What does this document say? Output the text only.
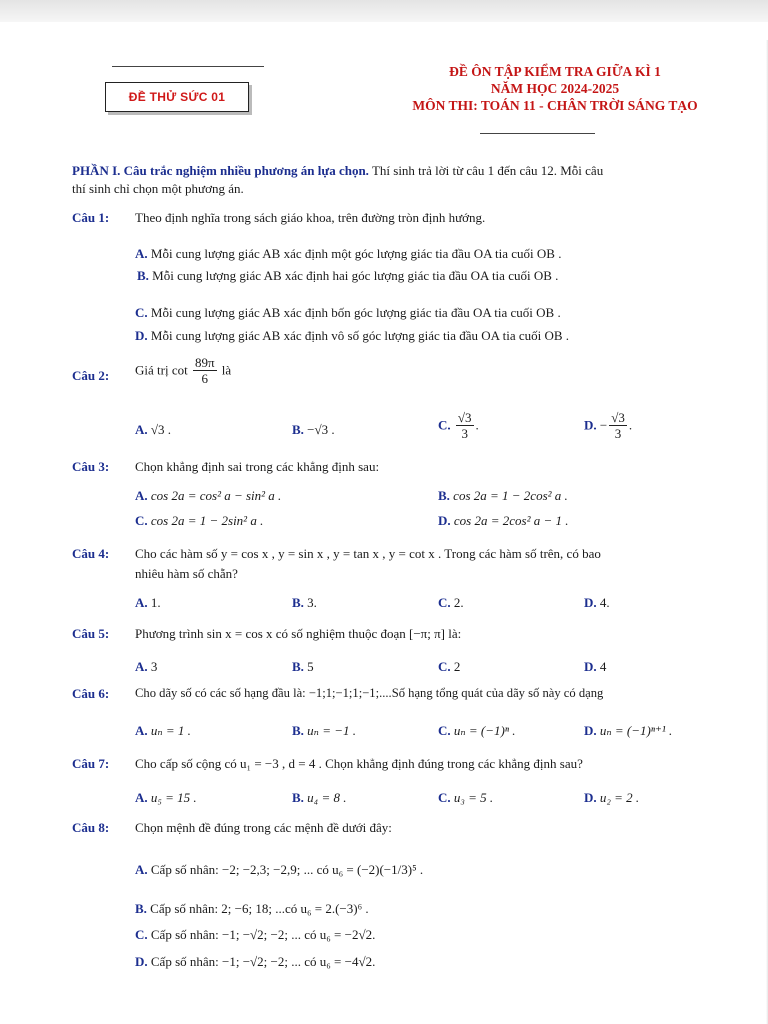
ĐỀ THỬ SỨC 01
ĐỀ ÔN TẬP KIỂM TRA GIỮA KÌ 1
NĂM HỌC 2024-2025
MÔN THI: TOÁN 11 - CHÂN TRỜI SÁNG TẠO
PHẦN I. Câu trắc nghiệm nhiều phương án lựa chọn. Thí sinh trả lời từ câu 1 đến câu 12. Mỗi câu
thí sinh chỉ chọn một phương án.
Câu 1: Theo định nghĩa trong sách giáo khoa, trên đường tròn định hướng.
A. Mỗi cung lượng giác AB xác định một góc lượng giác tia đầu OA tia cuối OB .
B. Mỗi cung lượng giác AB xác định hai góc lượng giác tia đầu OA tia cuối OB .
C. Mỗi cung lượng giác AB xác định bốn góc lượng giác tia đầu OA tia cuối OB .
D. Mỗi cung lượng giác AB xác định vô số góc lượng giác tia đầu OA tia cuối OB .
Câu 2: Giá trị $\cot \frac{89\pi}{6}$ là
A. √3 .	B. −√3 .	C. $\frac{√3}{3}$ .	D. − $\frac{√3}{3}$ .
Câu 3: Chọn khẳng định sai trong các khẳng định sau:
A. cos 2a = cos² a − sin² a .	B. cos 2a = 1 − 2cos² a .
C. cos 2a = 1 − 2sin² a .	D. cos 2a = 2cos² a − 1 .
Câu 4: Cho các hàm số y = cos x , y = sin x , y = tan x , y = cot x . Trong các hàm số trên, có bao
nhiêu hàm số chẵn?
A. 1.	B. 3.	C. 2.	D. 4.
Câu 5: Phương trình sin x = cos x có số nghiệm thuộc đoạn [−π; π] là:
A. 3	B. 5	C. 2	D. 4
Câu 6: Cho dãy số có các số hạng đầu là: −1;1;−1;1;−1;....Số hạng tổng quát của dãy số này có dạng
A. uₙ = 1 .	B. uₙ = −1 .	C. uₙ = (−1)ⁿ .	D. uₙ = (−1)ⁿ⁺¹ .
Câu 7: Cho cấp số cộng có u₁ = −3 , d = 4 . Chọn khẳng định đúng trong các khẳng định sau?
A. u₅ = 15 .	B. u₄ = 8 .	C. u₃ = 5 .	D. u₂ = 2 .
Câu 8: Chọn mệnh đề đúng trong các mệnh đề dưới đây:
A. Cấp số nhân: −2; −2,3; −2,9; ... có u₆ = (−2)(−1/3)⁵ .
B. Cấp số nhân: 2; −6; 18; ...có u₆ = 2.(−3)⁶ .
C. Cấp số nhân: −1; −√2; −2; ... có u₆ = −2√2.
D. Cấp số nhân: −1; −√2; −2; ... có u₆ = −4√2.
